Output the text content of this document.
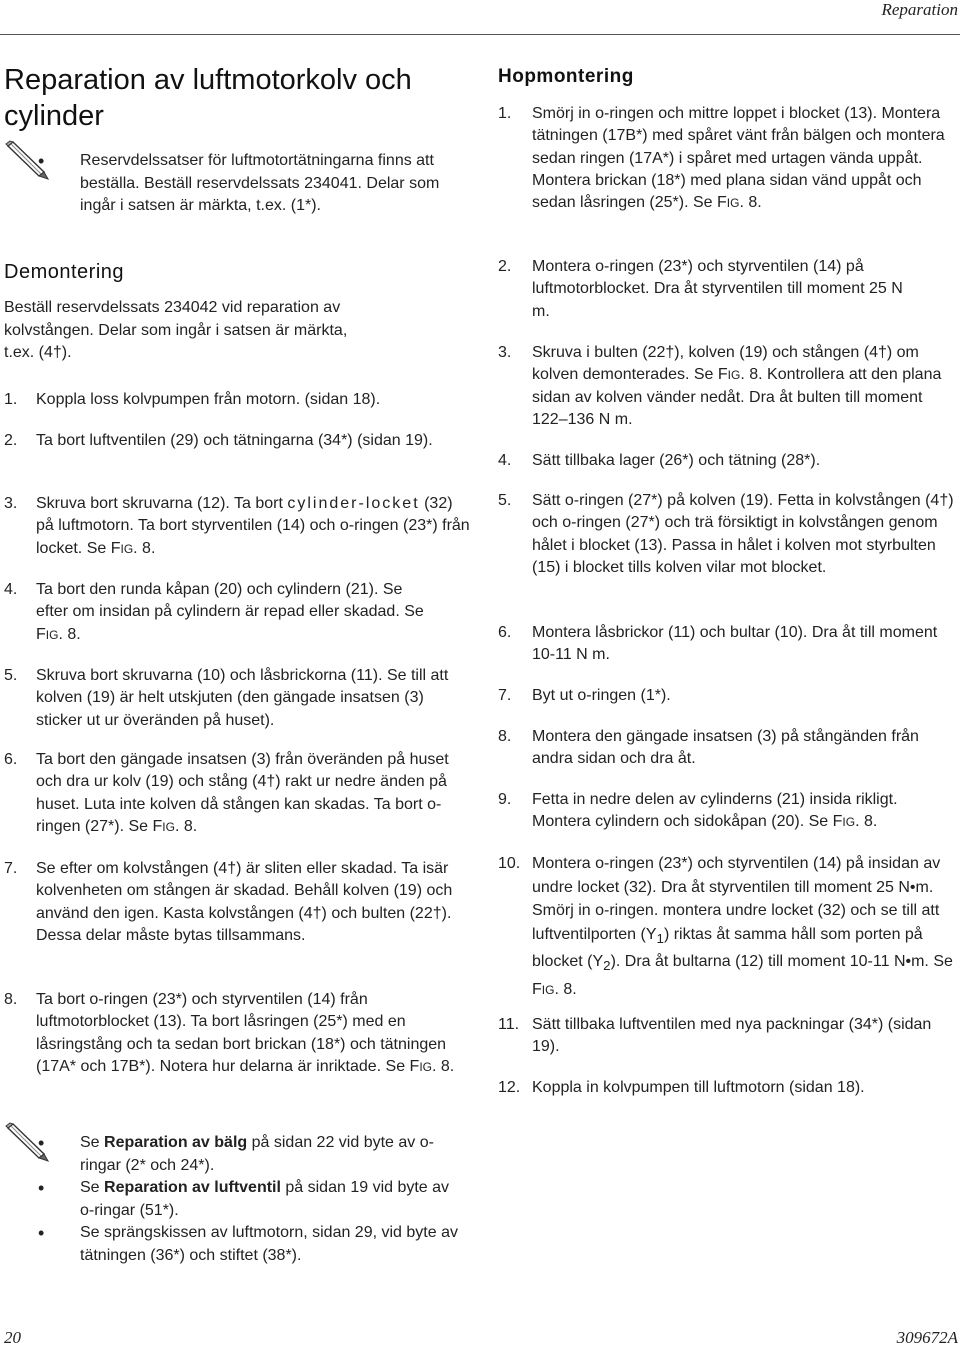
Reparation
Reparation av luftmotorkolv och cylinder
• Reservdelssatser för luftmotortätningarna finns att beställa. Beställ reservdelssats 234041. Delar som ingår i satsen är märkta, t.ex. (1*).
Demontering
Beställ reservdelssats 234042 vid reparation av kolvstången. Delar som ingår i satsen är märkta, t.ex. (4†).
1.	Koppla loss kolvpumpen från motorn. (sidan 18).
2.	Ta bort luftventilen (29) och tätningarna (34*) (sidan 19).
3.	Skruva bort skruvarna (12). Ta bort cylinder-locket (32) på luftmotorn. Ta bort styrventilen (14) och o-ringen (23*) från locket. Se FIG. 8.
4.	Ta bort den runda kåpan (20) och cylindern (21). Se efter om insidan på cylindern är repad eller skadad. Se FIG. 8.
5.	Skruva bort skruvarna (10) och låsbrickorna (11). Se till att kolven (19) är helt utskjuten (den gängade insatsen (3) sticker ut ur överänden på huset).
6.	Ta bort den gängade insatsen (3) från överänden på huset och dra ur kolv (19) och stång (4†) rakt ur nedre änden på huset. Luta inte kolven då stången kan skadas. Ta bort o-ringen (27*). Se FIG. 8.
7.	Se efter om kolvstången (4†) är sliten eller skadad. Ta isär kolvenheten om stången är skadad. Behåll kolven (19) och använd den igen. Kasta kolvstången (4†) och bulten (22†). Dessa delar måste bytas tillsammans.
8.	Ta bort o-ringen (23*) och styrventilen (14) från luftmotorblocket (13). Ta bort låsringen (25*) med en låsringstång och ta sedan bort brickan (18*) och tätningen (17A* och 17B*). Notera hur delarna är inriktade. Se FIG. 8.
Hopmontering
1.	Smörj in o-ringen och mittre loppet i blocket (13). Montera tätningen (17B*) med spåret vänt från bälgen och montera sedan ringen (17A*) i spåret med urtagen vända uppåt. Montera brickan (18*) med plana sidan vänd uppåt och sedan låsringen (25*). Se FIG. 8.
2.	Montera o-ringen (23*) och styrventilen (14) på luftmotorblocket. Dra åt styrventilen till moment 25 N m.
3.	Skruva i bulten (22†), kolven (19) och stången (4†) om kolven demonterades. Se FIG. 8. Kontrollera att den plana sidan av kolven vänder nedåt. Dra åt bulten till moment 122–136 N m.
4.	Sätt tillbaka lager (26*) och tätning (28*).
5.	Sätt o-ringen (27*) på kolven (19). Fetta in kolvstången (4†) och o-ringen (27*) och trä försiktigt in kolvstången genom hålet i blocket (13). Passa in hålet i kolven mot styrbulten (15) i blocket tills kolven vilar mot blocket.
6.	Montera låsbrickor (11) och bultar (10). Dra åt till moment 10-11 N m.
7.	Byt ut o-ringen (1*).
8.	Montera den gängade insatsen (3) på stångänden från andra sidan och dra åt.
9.	Fetta in nedre delen av cylinderns (21) insida rikligt. Montera cylindern och sidokåpan (20). Se FIG. 8.
10. Montera o-ringen (23*) och styrventilen (14) på insidan av undre locket (32). Dra åt styrventilen till moment 25 N•m. Smörj in o-ringen. montera undre locket (32) och se till att luftventilporten $(Y_1)$ riktas åt samma håll som porten på blocket $(Y_2)$. Dra åt bultarna (12) till moment 10-11 N•m. Se FIG. 8.
11. Sätt tillbaka luftventilen med nya packningar (34*) (sidan 19).
12. Koppla in kolvpumpen till luftmotorn (sidan 18).
• Se Reparation av bälg på sidan 22 vid byte av o-ringar (2* och 24*).
• Se Reparation av luftventil på sidan 19 vid byte av o-ringar (51*).
• Se sprängskissen av luftmotorn, sidan 29, vid byte av tätningen (36*) och stiftet (38*).
20	309672A
